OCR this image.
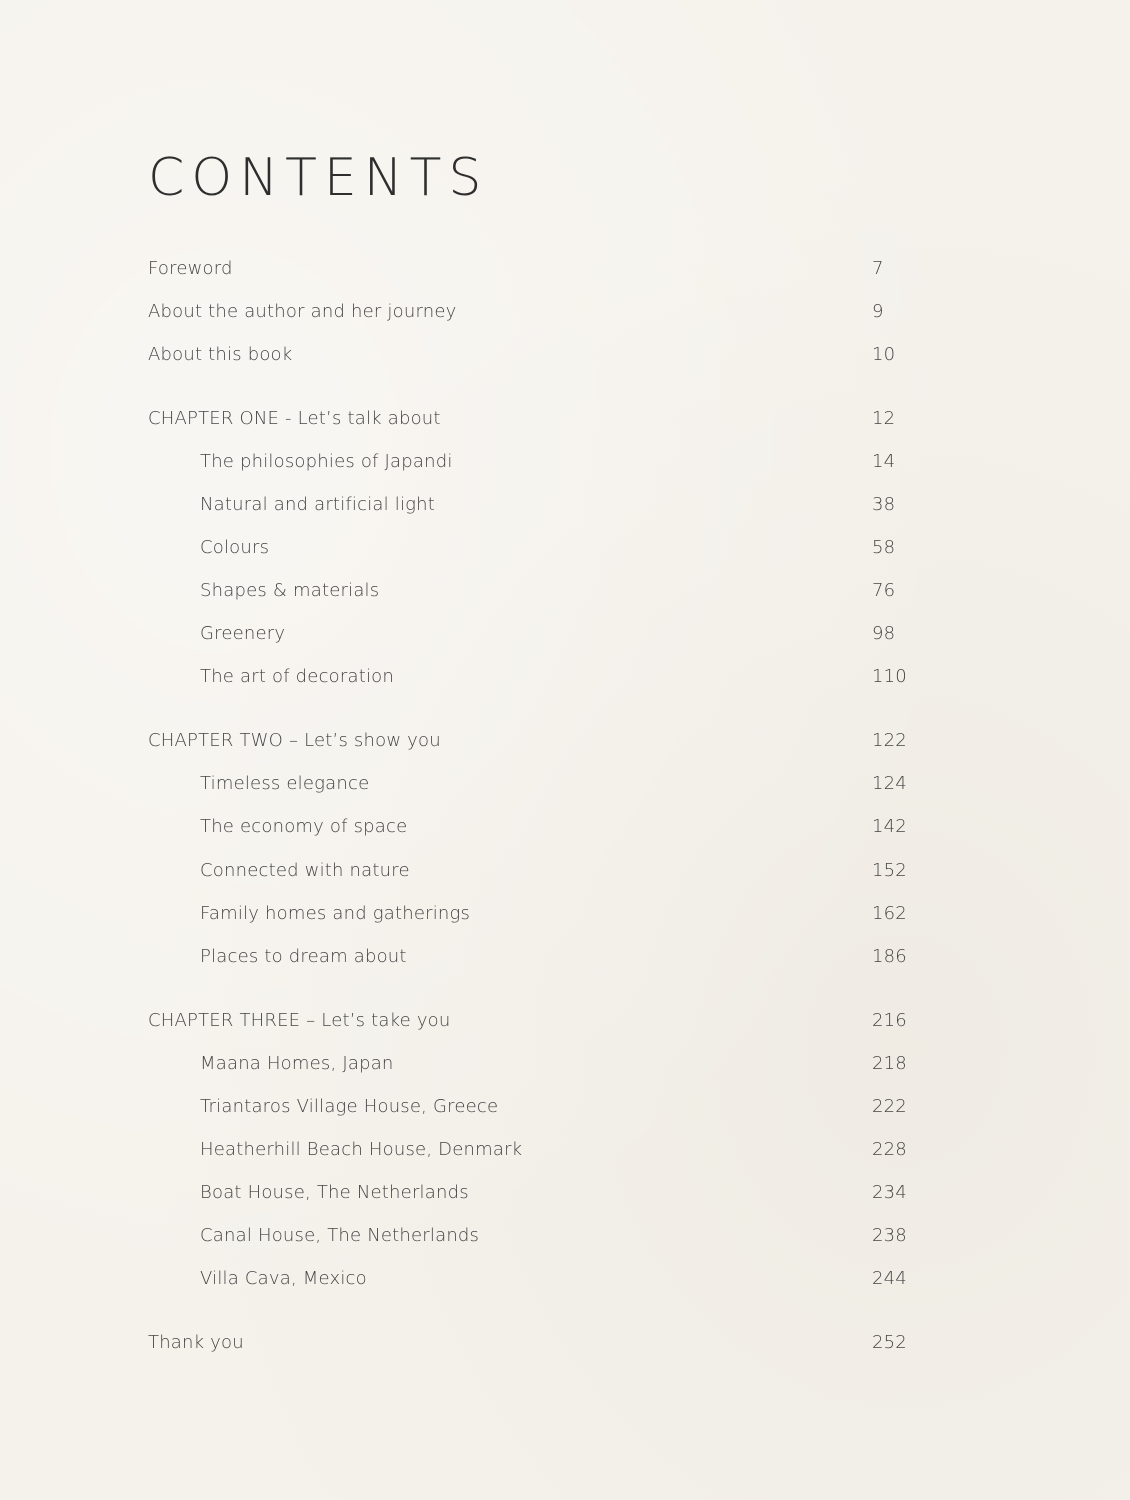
CONTENTS
Foreword	7
About the author and her journey	9
About this book	10
CHAPTER ONE - Let’s talk about	12
The philosophies of Japandi	14
Natural and artificial light	38
Colours	58
Shapes & materials	76
Greenery	98
The art of decoration	110
CHAPTER TWO – Let’s show you	122
Timeless elegance	124
The economy of space	142
Connected with nature	152
Family homes and gatherings	162
Places to dream about	186
CHAPTER THREE – Let’s take you	216
Maana Homes, Japan	218
Triantaros Village House, Greece	222
Heatherhill Beach House, Denmark	228
Boat House, The Netherlands	234
Canal House, The Netherlands	238
Villa Cava, Mexico	244
Thank you	252
